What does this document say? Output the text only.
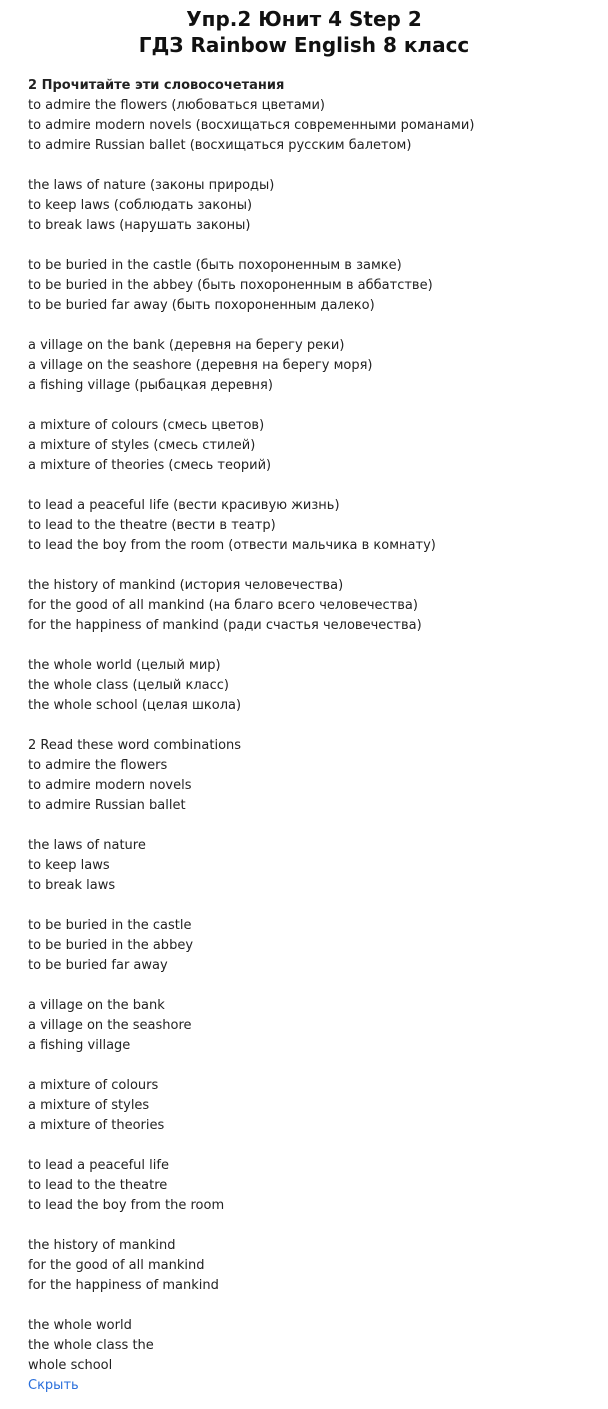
Упр.2 Юнит 4 Step 2
ГДЗ Rainbow English 8 класс
2 Прочитайте эти словосочетания
to admire the flowers (любоваться цветами)
to admire modern novels (восхищаться современными романами)
to admire Russian ballet (восхищаться русским балетом)
the laws of nature (законы природы)
to keep laws (соблюдать законы)
to break laws (нарушать законы)
to be buried in the castle (быть похороненным в замке)
to be buried in the abbey (быть похороненным в аббатстве)
to be buried far away (быть похороненным далеко)
a village on the bank (деревня на берегу реки)
a village on the seashore (деревня на берегу моря)
a fishing village (рыбацкая деревня)
a mixture of colours (смесь цветов)
a mixture of styles (смесь стилей)
a mixture of theories (смесь теорий)
to lead a peaceful life (вести красивую жизнь)
to lead to the theatre (вести в театр)
to lead the boy from the room (отвести мальчика в комнату)
the history of mankind (история человечества)
for the good of all mankind (на благо всего человечества)
for the happiness of mankind (ради счастья человечества)
the whole world (целый мир)
the whole class (целый класс)
the whole school (целая школа)
2 Read these word combinations
to admire the flowers
to admire modern novels
to admire Russian ballet
the laws of nature
to keep laws
to break laws
to be buried in the castle
to be buried in the abbey
to be buried far away
a village on the bank
a village on the seashore
a fishing village
a mixture of colours
a mixture of styles
a mixture of theories
to lead a peaceful life
to lead to the theatre
to lead the boy from the room
the history of mankind
for the good of all mankind
for the happiness of mankind
the whole world
the whole class the
whole school
Скрыть
